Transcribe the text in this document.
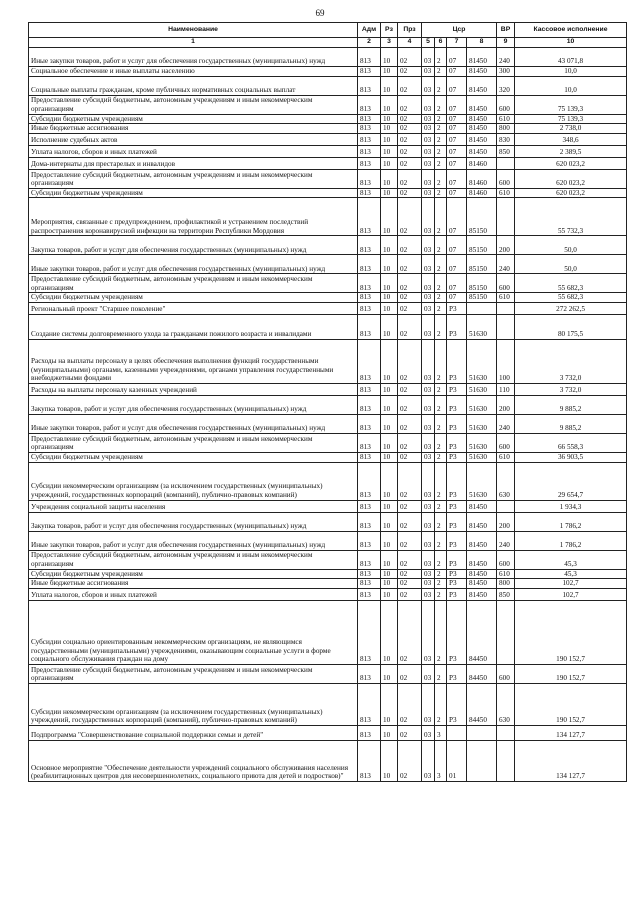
69
Наименование	Адм	Рз	Прз	Цср				ВР	Кассовое исполнение
1	2	3	4	5	6	7	8	9	10
Иные закупки товаров, работ и услуг для обеспечения государственных (муниципальных) нужд	813	10	02	03	2	07	81450	240	43 071,8
Социальное обеспечение и иные выплаты населению	813	10	02	03	2	07	81450	300	10,0
Социальные выплаты гражданам, кроме публичных нормативных социальных выплат	813	10	02	03	2	07	81450	320	10,0
Предоставление субсидий бюджетным, автономным учреждениям и иным некоммерческим организациям	813	10	02	03	2	07	81450	600	75 139,3
Субсидии бюджетным учреждениям	813	10	02	03	2	07	81450	610	75 139,3
Иные бюджетные ассигнования	813	10	02	03	2	07	81450	800	2 738,0
Исполнение судебных актов	813	10	02	03	2	07	81450	830	348,6
Уплата налогов, сборов и иных платежей	813	10	02	03	2	07	81450	850	2 389,5
Дома-интернаты для престарелых и инвалидов	813	10	02	03	2	07	81460		620 023,2
Предоставление субсидий бюджетным, автономным учреждениям и иным некоммерческим организациям	813	10	02	03	2	07	81460	600	620 023,2
Субсидии бюджетным учреждениям	813	10	02	03	2	07	81460	610	620 023,2
Мероприятия, связанные с предупреждением, профилактикой и устранением последствий распространения коронавирусной инфекции на территории Республики Мордовия	813	10	02	03	2	07	85150		55 732,3
Закупка товаров, работ и услуг для обеспечения государственных (муниципальных) нужд	813	10	02	03	2	07	85150	200	50,0
Иные закупки товаров, работ и услуг для обеспечения государственных (муниципальных) нужд	813	10	02	03	2	07	85150	240	50,0
Предоставление субсидий бюджетным, автономным учреждениям и иным некоммерческим организациям	813	10	02	03	2	07	85150	600	55 682,3
Субсидии бюджетным учреждениям	813	10	02	03	2	07	85150	610	55 682,3
Региональный проект "Старшее поколение"	813	10	02	03	2	P3			272 262,5
Создание системы долговременного ухода за гражданами пожилого возраста и инвалидами	813	10	02	03	2	P3	51630		80 175,5
Расходы на выплаты персоналу в целях обеспечения выполнения функций государственными (муниципальными) органами, казенными учреждениями, органами управления государственными внебюджетными фондами	813	10	02	03	2	P3	51630	100	3 732,0
Расходы на выплаты персоналу казенных учреждений	813	10	02	03	2	P3	51630	110	3 732,0
Закупка товаров, работ и услуг для обеспечения государственных (муниципальных) нужд	813	10	02	03	2	P3	51630	200	9 885,2
Иные закупки товаров, работ и услуг для обеспечения государственных (муниципальных) нужд	813	10	02	03	2	P3	51630	240	9 885,2
Предоставление субсидий бюджетным, автономным учреждениям и иным некоммерческим организациям	813	10	02	03	2	P3	51630	600	66 558,3
Субсидии бюджетным учреждениям	813	10	02	03	2	P3	51630	610	36 903,5
Субсидии некоммерческим организациям (за исключением государственных (муниципальных) учреждений, государственных корпораций (компаний), публично-правовых компаний)	813	10	02	03	2	P3	51630	630	29 654,7
Учреждения социальной защиты населения	813	10	02	03	2	P3	81450		1 934,3
Закупка товаров, работ и услуг для обеспечения государственных (муниципальных) нужд	813	10	02	03	2	P3	81450	200	1 786,2
Иные закупки товаров, работ и услуг для обеспечения государственных (муниципальных) нужд	813	10	02	03	2	P3	81450	240	1 786,2
Предоставление субсидий бюджетным, автономным учреждениям и иным некоммерческим организациям	813	10	02	03	2	P3	81450	600	45,3
Субсидии бюджетным учреждениям	813	10	02	03	2	P3	81450	610	45,3
Иные бюджетные ассигнования	813	10	02	03	2	P3	81450	800	102,7
Уплата налогов, сборов и иных платежей	813	10	02	03	2	P3	81450	850	102,7
Субсидии социально ориентированным некоммерческим организациям, не являющимся государственными (муниципальными) учреждениями, оказывающим социальные услуги в форме социального обслуживания граждан на дому	813	10	02	03	2	P3	84450		190 152,7
Предоставление субсидий бюджетным, автономным учреждениям и иным некоммерческим организациям	813	10	02	03	2	P3	84450	600	190 152,7
Субсидии некоммерческим организациям (за исключением государственных (муниципальных) учреждений, государственных корпораций (компаний), публично-правовых компаний)	813	10	02	03	2	P3	84450	630	190 152,7
Подпрограмма "Совершенствование социальной поддержки семьи и детей"	813	10	02	03	3				134 127,7
Основное мероприятие "Обеспечение деятельности учреждений социального обслуживания населения (реабилитационных центров для несовершеннолетних, социального приюта для детей и подростков)"	813	10	02	03	3	01			134 127,7
